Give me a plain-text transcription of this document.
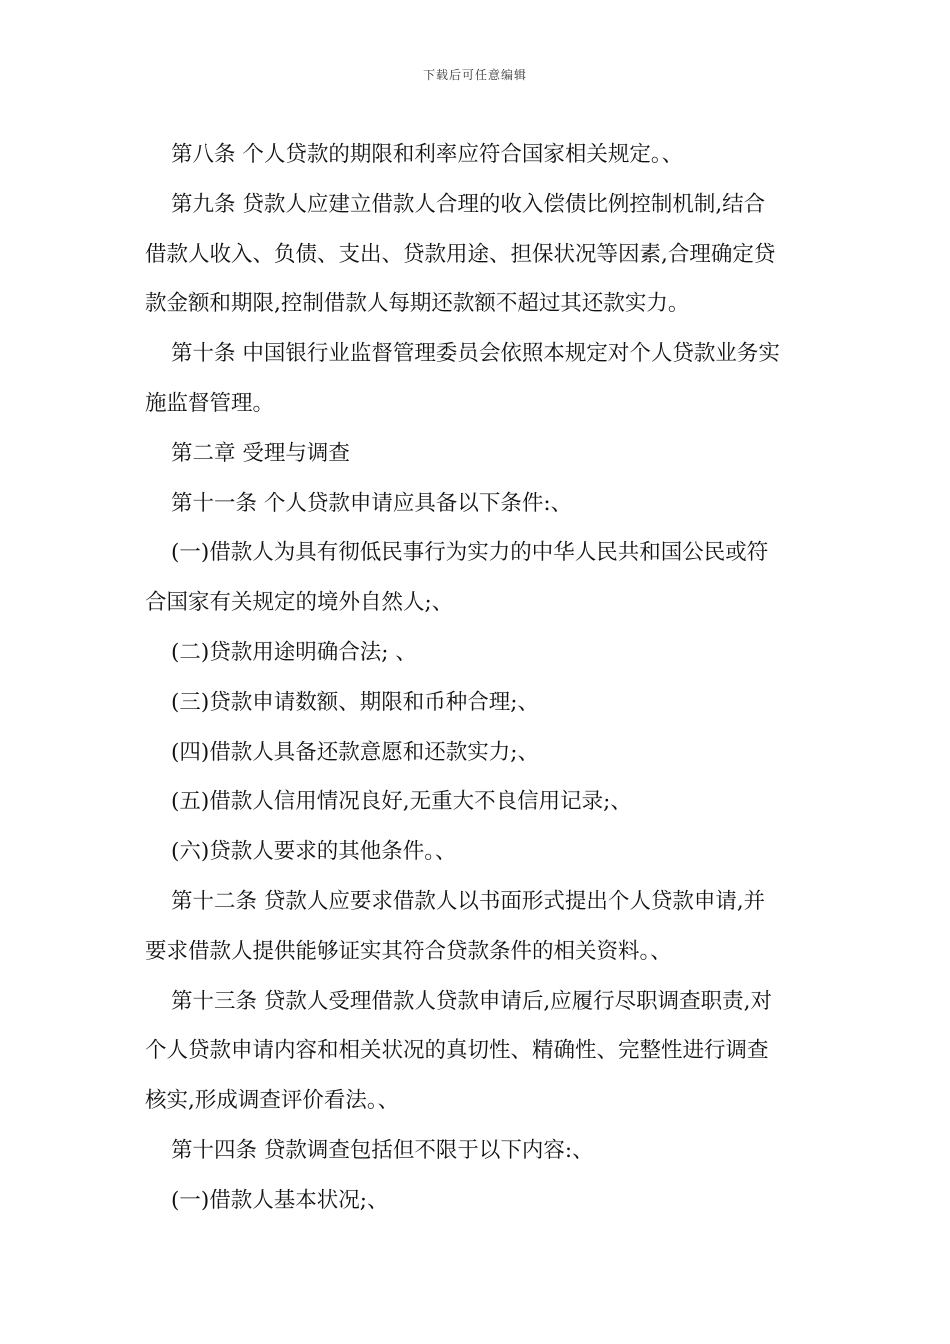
下载后可任意编辑
第八条 个人贷款的期限和利率应符合国家相关规定。、
第九条 贷款人应建立借款人合理的收入偿债比例控制机制,结合
借款人收入、负债、支出、贷款用途、担保状况等因素,合理确定贷
款金额和期限,控制借款人每期还款额不超过其还款实力。
第十条 中国银行业监督管理委员会依照本规定对个人贷款业务实
施监督管理。
第二章 受理与调查
第十一条 个人贷款申请应具备以下条件:、
(一)借款人为具有彻低民事行为实力的中华人民共和国公民或符
合国家有关规定的境外自然人;、
(二)贷款用途明确合法; 、
(三)贷款申请数额、期限和币种合理;、
(四)借款人具备还款意愿和还款实力;、
(五)借款人信用情况良好,无重大不良信用记录;、
(六)贷款人要求的其他条件。、
第十二条 贷款人应要求借款人以书面形式提出个人贷款申请,并
要求借款人提供能够证实其符合贷款条件的相关资料。、
第十三条 贷款人受理借款人贷款申请后,应履行尽职调查职责,对
个人贷款申请内容和相关状况的真切性、精确性、完整性进行调查
核实,形成调查评价看法。、
第十四条 贷款调查包括但不限于以下内容:、
(一)借款人基本状况;、
